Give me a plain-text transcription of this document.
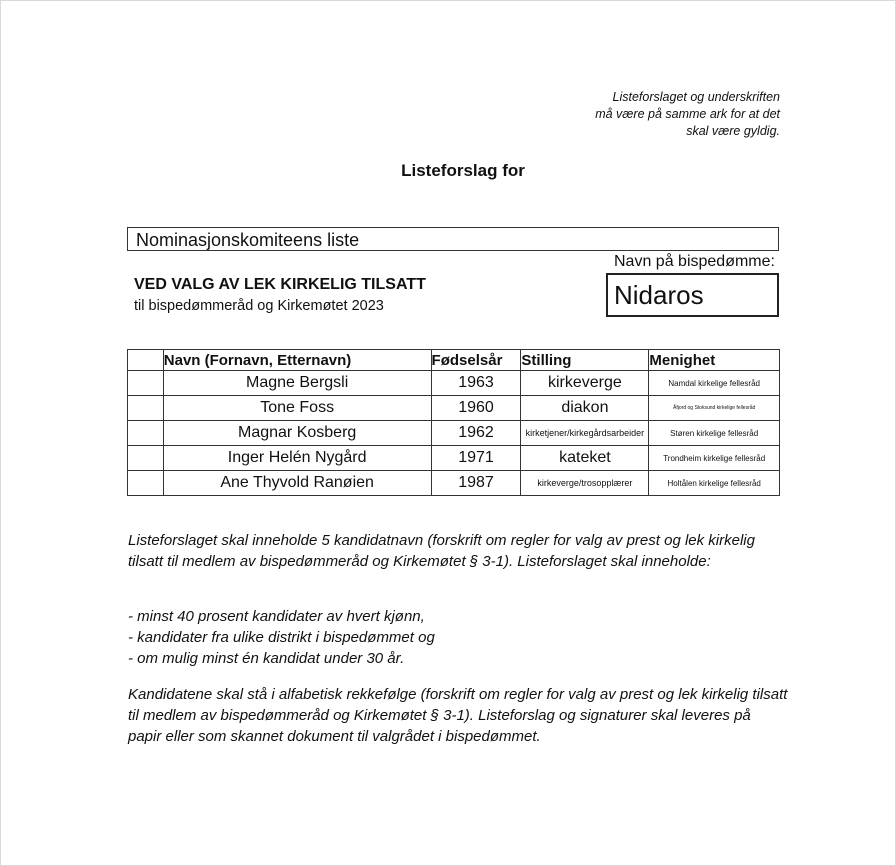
Listeforslaget og underskriften
må være på samme ark for at det
skal være gyldig.
Listeforslag for
Nominasjonskomiteens liste
Navn på bispedømme:
Nidaros
VED VALG AV LEK KIRKELIG TILSATT
til bispedømmeråd og Kirkemøtet 2023
	Navn (Fornavn, Etternavn)	Fødselsår	Stilling	Menighet
	Magne Bergsli	1963	kirkeverge	Namdal kirkelige fellesråd
	Tone Foss	1960	diakon	Åfjord og Stoksund kirkelige fellesråd
	Magnar Kosberg	1962	kirketjener/kirkegårdsarbeider	Støren kirkelige fellesråd
	Inger Helén Nygård	1971	kateket	Trondheim kirkelige fellesråd
	Ane Thyvold Ranøien	1987	kirkeverge/trosopplærer	Holtålen kirkelige fellesråd
Listeforslaget skal inneholde 5 kandidatnavn (forskrift om regler for valg av prest og lek kirkelig tilsatt til medlem av bispedømmeråd og Kirkemøtet § 3-1). Listeforslaget skal inneholde:
- minst 40 prosent kandidater av hvert kjønn,
- kandidater fra ulike distrikt i bispedømmet og
- om mulig minst én kandidat under 30 år.
Kandidatene skal stå i alfabetisk rekkefølge (forskrift om regler for valg av prest og lek kirkelig tilsatt til medlem av bispedømmeråd og Kirkemøtet § 3-1). Listeforslag og signaturer skal leveres på papir eller som skannet dokument til valgrådet i bispedømmet.
